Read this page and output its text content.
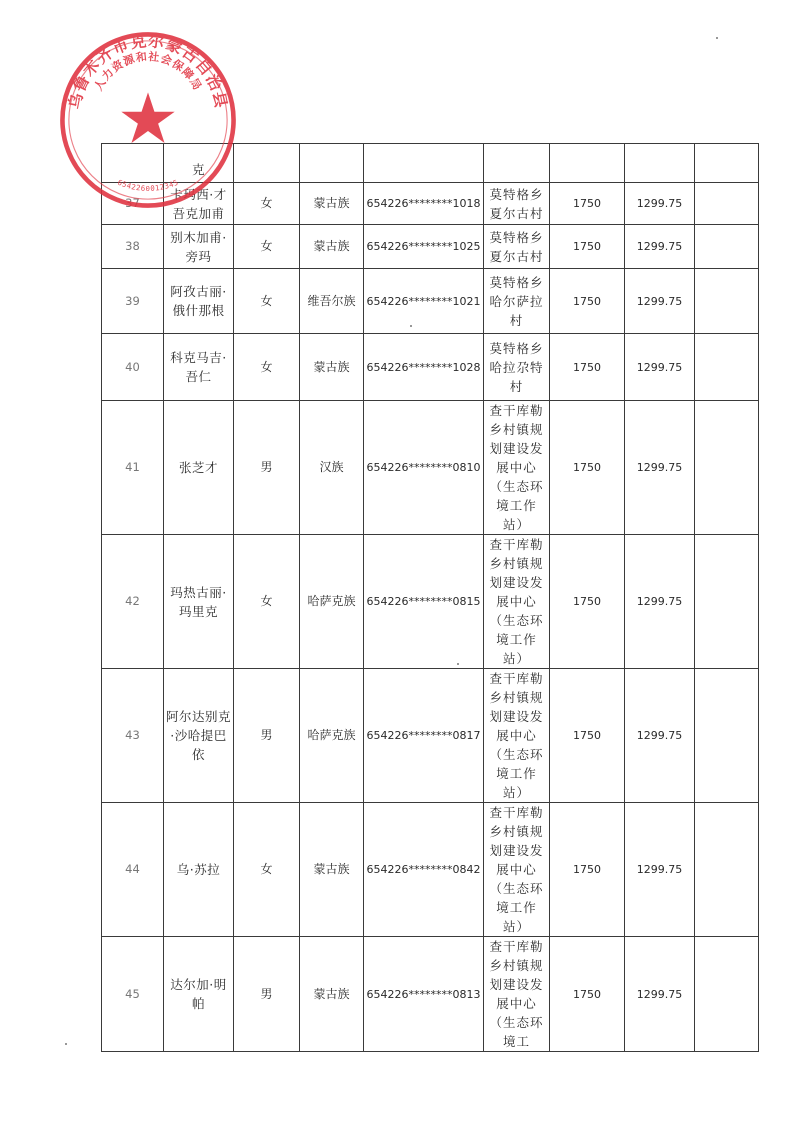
	克							
37	卡玛西·才吾克加甫	女	蒙古族	654226********1018	莫特格乡夏尔古村	1750	1299.75	
38	别木加甫·旁玛	女	蒙古族	654226********1025	莫特格乡夏尔古村	1750	1299.75	
39	阿孜古丽·俄什那根	女	维吾尔族	654226********1021	莫特格乡哈尔萨拉村	1750	1299.75	
40	科克马吉·吾仁	女	蒙古族	654226********1028	莫特格乡哈拉尕特村	1750	1299.75	
41	张芝才	男	汉族	654226********0810	查干库勒乡村镇规划建设发展中心（生态环境工作站）	1750	1299.75	
42	玛热古丽·玛里克	女	哈萨克族	654226********0815	查干库勒乡村镇规划建设发展中心（生态环境工作站）	1750	1299.75	
43	阿尔达别克·沙哈提巴依	男	哈萨克族	654226********0817	查干库勒乡村镇规划建设发展中心（生态环境工作站）	1750	1299.75	
44	乌·苏拉	女	蒙古族	654226********0842	查干库勒乡村镇规划建设发展中心（生态环境工作站）	1750	1299.75	
45	达尔加·明帕	男	蒙古族	654226********0813	查干库勒乡村镇规划建设发展中心（生态环境工	1750	1299.75	
乌鲁木齐市克尔蒙古自治县
人力资源和社会保障局
6542260012345
